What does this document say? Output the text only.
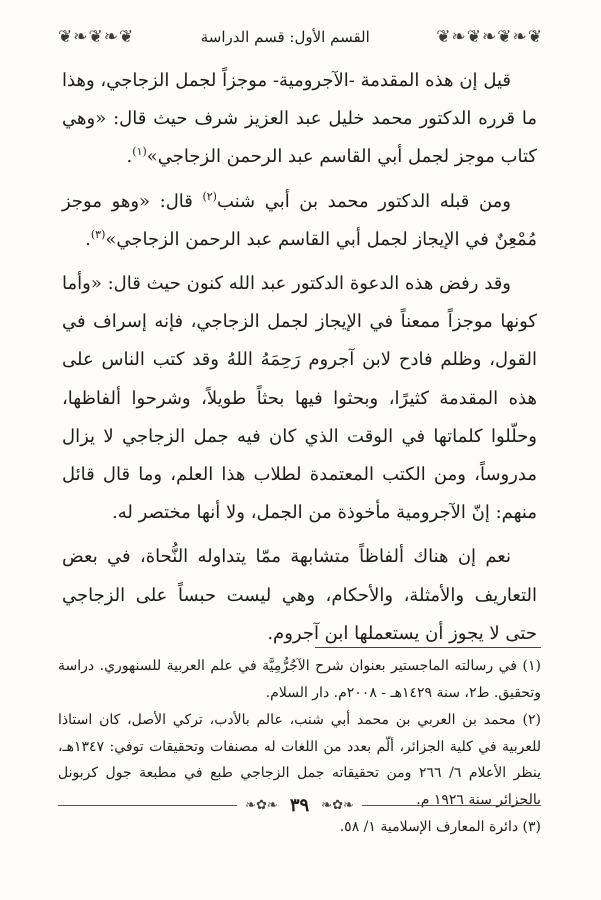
❦❧❦❧❦❧❦
القسم الأول: قسم الدراسة
❦❧❦❧❦

قيل إن هذه المقدمة -الآجرومية- موجزاً لجمل الزجاجي، وهذا ما قرره الدكتور محمد خليل عبد العزيز شرف حيث قال: «وهي كتاب موجز لجمل أبي القاسم عبد الرحمن الزجاجي»$^{(١)}$.

ومن قبله الدكتور محمد بن أبي شنب$^{(٢)}$ قال: «وهو موجز مُمْعِنٌ في الإيجاز لجمل أبي القاسم عبد الرحمن الزجاجي»$^{(٣)}$.

وقد رفض هذه الدعوة الدكتور عبد الله كنون حيث قال: «وأما كونها موجزاً ممعناً في الإيجاز لجمل الزجاجي، فإنه إسراف في القول، وظلم فادح لابن آجروم رَحِمَهُ اللهُ وقد كتب الناس على هذه المقدمة كثيرًا، وبحثوا فيها بحثاً طويلاً، وشرحوا ألفاظها، وحلّلوا كلماتها في الوقت الذي كان فيه جمل الزجاجي لا يزال مدروساً، ومن الكتب المعتمدة لطلاب هذا العلم، وما قال قائل منهم: إنّ الآجرومية مأخوذة من الجمل، ولا أنها مختصر له.

نعم إن هناك ألفاظاً متشابهة ممّا يتداوله النُّحاة، في بعض التعاريف والأمثلة، والأحكام، وهي ليست حبساً على الزجاجي حتى لا يجوز أن يستعملها ابن آجروم.

(١) في رسالته الماجستير بعنوان شرح الآجُرُّمِيَّة في علم العربية للسنهوري. دراسة وتحقيق. ط٢، سنة ١٤٢٩هـ - ٢٠٠٨م. دار السلام.

(٢) محمد بن العربي بن محمد أبي شنب، عالم بالأدب، تركي الأصل، كان استاذا للعربية في كلية الجزائر، ألّم بعدد من اللغات له مصنفات وتحقيقات توفي: ١٣٤٧هـ، ينظر الأعلام ٦/ ٢٦٦ ومن تحقيقاته جمل الزجاجي طبع في مطبعة جول كربونل بالجزائر سنة ١٩٢٦ م.

(٣) دائرة المعارف الإسلامية ١/ ٥٨.

❧✿❧
٣٩
❧✿❧
